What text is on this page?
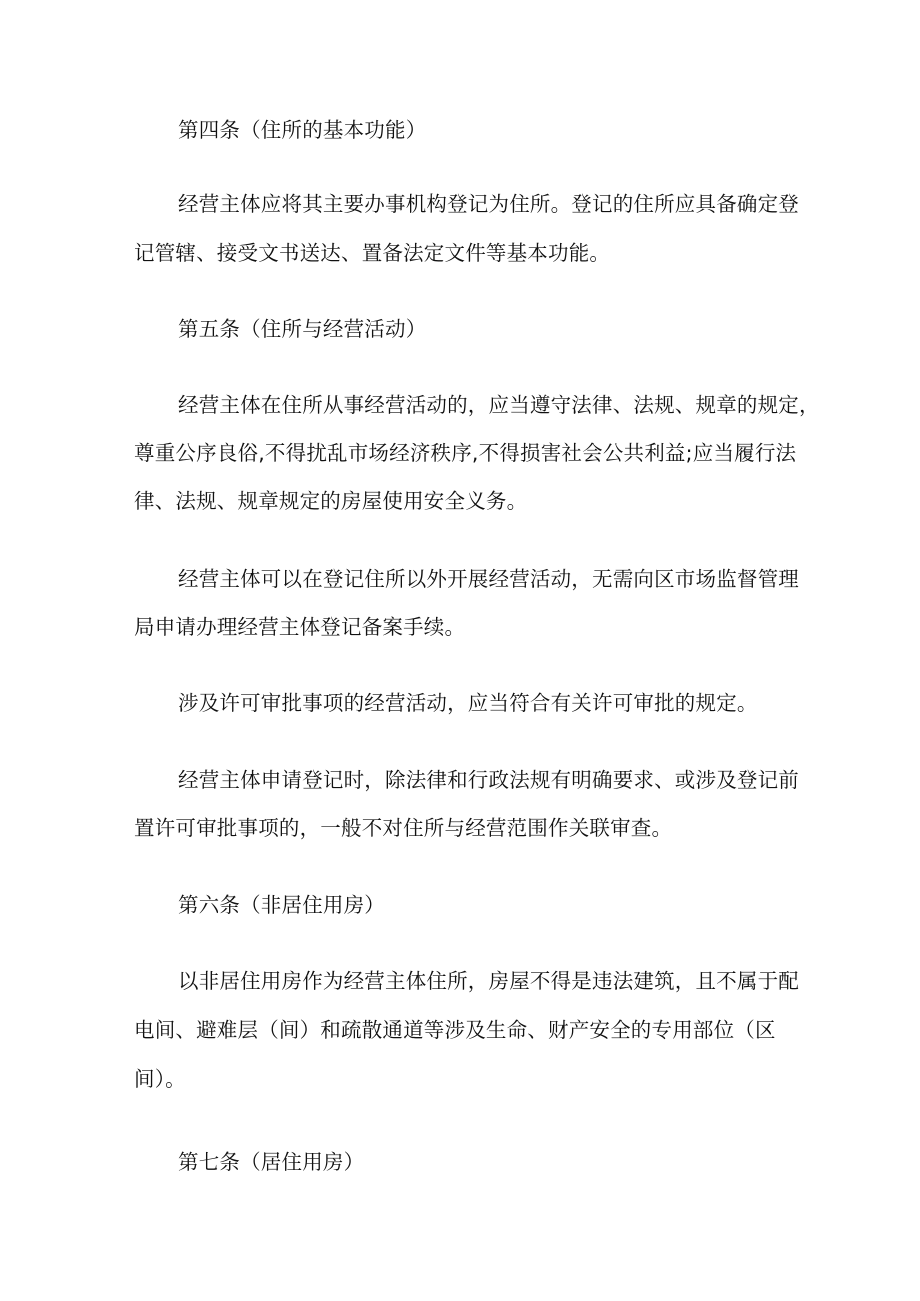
第四条（住所的基本功能）

经营主体应将其主要办事机构登记为住所。登记的住所应具备确定登

记管辖、接受文书送达、置备法定文件等基本功能。

第五条（住所与经营活动）

经营主体在住所从事经营活动的，应当遵守法律、法规、规章的规定，

尊重公序良俗,不得扰乱市场经济秩序,不得损害社会公共利益;应当履行法

律、法规、规章规定的房屋使用安全义务。

经营主体可以在登记住所以外开展经营活动，无需向区市场监督管理

局申请办理经营主体登记备案手续。

涉及许可审批事项的经营活动，应当符合有关许可审批的规定。

经营主体申请登记时，除法律和行政法规有明确要求、或涉及登记前

置许可审批事项的，一般不对住所与经营范围作关联审查。

第六条（非居住用房）

以非居住用房作为经营主体住所，房屋不得是违法建筑，且不属于配

电间、避难层（间）和疏散通道等涉及生命、财产安全的专用部位（区

间）。

第七条（居住用房）
